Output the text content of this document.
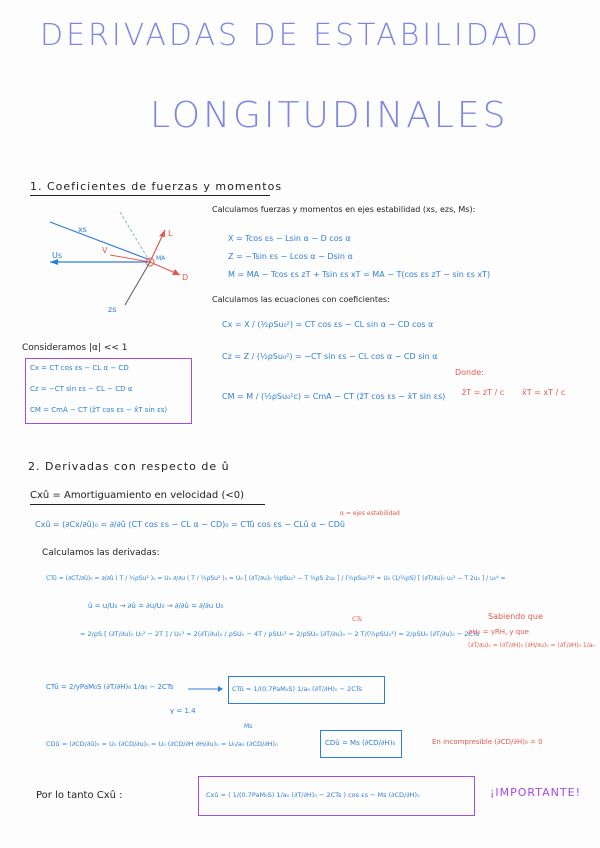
DERIVADAS DE ESTABILIDAD
LONGITUDINALES
1. Coeficientes de fuerzas y momentos
xs
Us
V
L
D
MA
zs
Calculamos fuerzas y momentos en ejes estabilidad (xs, ezs, Ms):
X = Tcos εs − Lsin α − D cos α
Z = −Tsin εs − Lcos α − Dsin α
M = MA − Tcos εs zT + Tsin εs xT = MA − T(cos εs zT − sin εs xT)
Calculamos las ecuaciones con coeficientes:
Cx = X / (½ρSu₀²) = CT cos εs − CL sin α − CD cos α
Cz = Z / (½ρSu₀²) = −CT sin εs − CL cos α − CD sin α
CM = M / (½ρSu₀²c) = CmA − CT (ẑT cos εs − x̂T sin εs)
Consideramos |α| << 1
Cx = CT cos εs − CL α − CD
Cz = −CT sin εs − CL − CD α
CM = CmA − CT (ẑT cos εs − x̂T sin εs)
Donde:
ẑT = zT / c x̂T = xT / c
2. Derivadas con respecto de û
Cxû = Amortiguamiento en velocidad (<0)
Cxû = (∂Cx/∂û)₀ = ∂/∂û (CT cos εs − CL α − CD)₀ = CTû cos εs − CLû α − CDû
α = ejes estabilidad
Calculamos las derivadas:
CTû = (∂CT/∂û)₀ = ∂/∂û ( T / ½ρSu² )₀ = U₀ ∂/∂u ( T / ½ρSu² )₀ = U₀ [ (∂T/∂u)₀ ½ρSu₀² − T ½ρS 2u₀ ] / (½ρSu₀²)² = U₀ (1/½ρS) [ (∂T/∂u)₀ u₀² − T 2u₀ ] / u₀⁴ =
û = u/U₀ → ∂û = ∂u/U₀ → ∂/∂û = ∂/∂u U₀
= 2/ρS [ (∂T/∂u)₀ U₀² − 2T ] / U₀³ = 2(∂T/∂u)₀ / ρSU₀ − 4T / ρSU₀² = 2/ρSU₀ (∂T/∂u)₀ − 2 T/(½ρSU₀²) = 2/ρSU₀ (∂T/∂u)₀ − 2CTs
CTs	Sabiendo que
ρU₀ = γRH, y que
(∂T/∂u)₀ = (∂T/∂H)₀ (∂H/∂u)₀ = (∂T/∂H)₀ 1/a₀
CTû = 2/γPaM₀S (∂T/∂H)₀ 1/a₀ − 2CTs	CTû = 1/(0.7PaM₀S) 1/a₀ (∂T/∂H)₀ − 2CTs
γ = 1.4
CDû = (∂CD/∂û)₀ = U₀ (∂CD/∂u)₀ = U₀ (∂CD/∂H ∂H/∂u)₀ = U₀/a₀ (∂CD/∂H)₀
Ms
CDû = Ms (∂CD/∂H)₀	En incompresible (∂CD/∂H)₀ = 0
Por lo tanto Cxû :	Cxû = ( 1/(0.7PaM₀S) 1/a₀ (∂T/∂H)₀ − 2CTs ) cos εs − Ms (∂CD/∂H)₀	¡IMPORTANTE!
